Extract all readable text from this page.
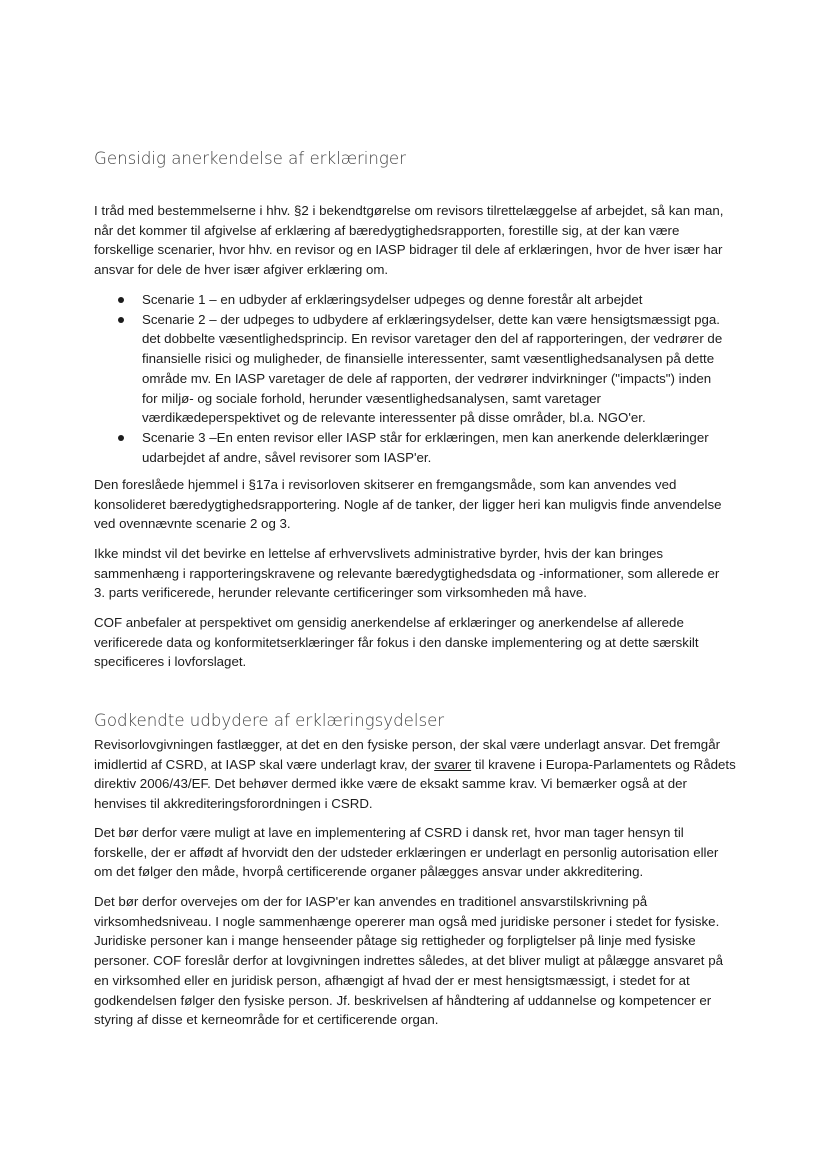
Gensidig anerkendelse af erklæringer

I tråd med bestemmelserne i hhv. §2 i bekendtgørelse om revisors tilrettelæggelse af arbejdet, så kan man,
når det kommer til afgivelse af erklæring af bæredygtighedsrapporten, forestille sig, at der kan være
forskellige scenarier, hvor hhv. en revisor og en IASP bidrager til dele af erklæringen, hvor de hver især har
ansvar for dele de hver især afgiver erklæring om.

Scenarie 1 – en udbyder af erklæringsydelser udpeges og denne forestår alt arbejdet
Scenarie 2 – der udpeges to udbydere af erklæringsydelser, dette kan være hensigtsmæssigt pga.
det dobbelte væsentlighedsprincip. En revisor varetager den del af rapporteringen, der vedrører de
finansielle risici og muligheder, de finansielle interessenter, samt væsentlighedsanalysen på dette
område mv. En IASP varetager de dele af rapporten, der vedrører indvirkninger ("impacts") inden
for miljø- og sociale forhold, herunder væsentlighedsanalysen, samt varetager
værdikædeperspektivet og de relevante interessenter på disse områder, bl.a. NGO'er.
Scenarie 3 –En enten revisor eller IASP står for erklæringen, men kan anerkende delerklæringer
udarbejdet af andre, såvel revisorer som IASP'er.

Den foreslåede hjemmel i §17a i revisorloven skitserer en fremgangsmåde, som kan anvendes ved
konsolideret bæredygtighedsrapportering. Nogle af de tanker, der ligger heri kan muligvis finde anvendelse
ved ovennævnte scenarie 2 og 3.

Ikke mindst vil det bevirke en lettelse af erhvervslivets administrative byrder, hvis der kan bringes
sammenhæng i rapporteringskravene og relevante bæredygtighedsdata og -informationer, som allerede er
3. parts verificerede, herunder relevante certificeringer som virksomheden må have.

COF anbefaler at perspektivet om gensidig anerkendelse af erklæringer og anerkendelse af allerede
verificerede data og konformitetserklæringer får fokus i den danske implementering og at dette særskilt
specificeres i lovforslaget.

Godkendte udbydere af erklæringsydelser

Revisorlovgivningen fastlægger, at det en den fysiske person, der skal være underlagt ansvar. Det fremgår
imidlertid af CSRD, at IASP skal være underlagt krav, der svarer til kravene i Europa-Parlamentets og Rådets
direktiv 2006/43/EF. Det behøver dermed ikke være de eksakt samme krav. Vi bemærker også at der
henvises til akkrediteringsforordningen i CSRD.

Det bør derfor være muligt at lave en implementering af CSRD i dansk ret, hvor man tager hensyn til
forskelle, der er affødt af hvorvidt den der udsteder erklæringen er underlagt en personlig autorisation eller
om det følger den måde, hvorpå certificerende organer pålægges ansvar under akkreditering.

Det bør derfor overvejes om der for IASP'er kan anvendes en traditionel ansvarstilskrivning på
virksomhedsniveau. I nogle sammenhænge opererer man også med juridiske personer i stedet for fysiske.
Juridiske personer kan i mange henseender påtage sig rettigheder og forpligtelser på linje med fysiske
personer. COF foreslår derfor at lovgivningen indrettes således, at det bliver muligt at pålægge ansvaret på
en virksomhed eller en juridisk person, afhængigt af hvad der er mest hensigtsmæssigt, i stedet for at
godkendelsen følger den fysiske person. Jf. beskrivelsen af håndtering af uddannelse og kompetencer er
styring af disse et kerneområde for et certificerende organ.
